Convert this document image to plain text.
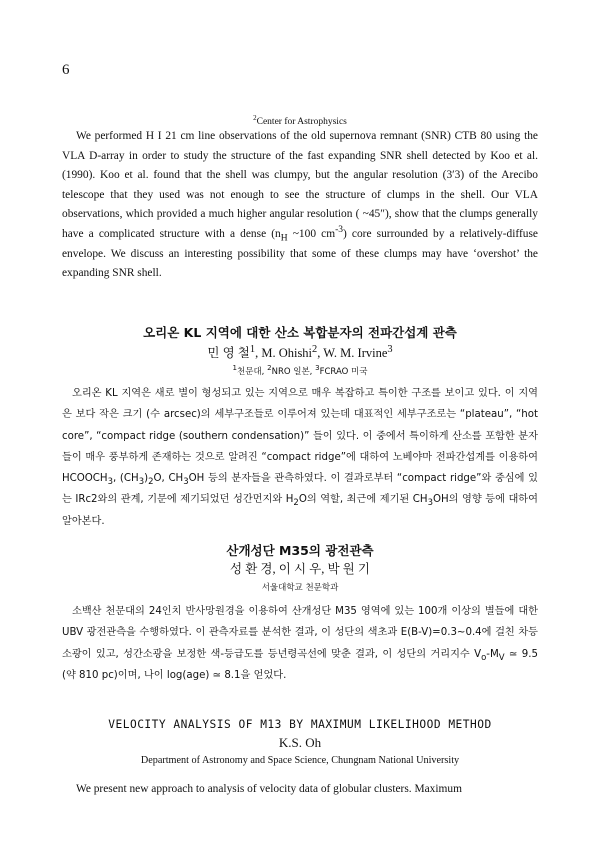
6
$^2$Center for Astrophysics

We performed H I 21 cm line observations of the old supernova remnant (SNR) CTB 80 using the VLA D-array in order to study the structure of the fast expanding SNR shell detected by Koo et al. (1990). Koo et al. found that the shell was clumpy, but the angular resolution (3′3) of the Arecibo telescope that they used was not enough to see the structure of clumps in the shell. Our VLA observations, which provided a much higher angular resolution ( ~45″), show that the clumps generally have a complicated structure with a dense ($n_H$ ~100 $cm^{-3}$) core surrounded by a relatively-diffuse envelope. We discuss an interesting possibility that some of these clumps may have ‘overshot’ the expanding SNR shell.

오리온 KL 지역에 대한 산소 복합분자의 전파간섭계 관측
민 영 철$^1$, M. Ohishi$^2$, W. M. Irvine$^3$
$^1$천문대, $^2$NRO 일본, $^3$FCRAO 미국

오리온 KL 지역은 새로 별이 형성되고 있는 지역으로 매우 복잡하고 특이한 구조를 보이고 있다. 이 지역은 보다 작은 크기 (수 arcsec)의 세부구조들로 이루어져 있는데 대표적인 세부구조로는 “plateau”, “hot core”, “compact ridge (southern condensation)” 들이 있다. 이 중에서 특이하게 산소를 포함한 분자들이 매우 풍부하게 존재하는 것으로 알려진 “compact ridge”에 대하여 노베야마 전파간섭계를 이용하여 $HCOOCH_3$, $(CH_3)_2O$, $CH_3OH$ 등의 분자들을 관측하였다. 이 결과로부터 “compact ridge”와 중심에 있는 IRc2와의 관계, 기문에 제기되었던 성간먼지와 $H_2O$의 역할, 최근에 제기된 $CH_3OH$의 영향 등에 대하여 알아본다.

산개성단 M35의 광전관측
성 환 경, 이 시 우, 박 원 기
서울대학교 천문학과

소백산 천문대의 24인치 반사망원경을 이용하여 산개성단 M35 영역에 있는 100개 이상의 별들에 대한 UBV 광전관측을 수행하였다. 이 관측자료를 분석한 결과, 이 성단의 색초과 E(B-V)=0.3~0.4에 걸친 차등소광이 있고, 성간소광을 보정한 색-등급도를 등년령곡선에 맞춘 결과, 이 성단의 거리지수 $V_o-M_V$ ≃ 9.5 (약 810 pc)이며, 나이 log(age) ≃ 8.1을 얻었다.

VELOCITY ANALYSIS OF M13 BY MAXIMUM LIKELIHOOD METHOD
K.S. Oh
Department of Astronomy and Space Science, Chungnam National University

We present new approach to analysis of velocity data of globular clusters. Maximum
